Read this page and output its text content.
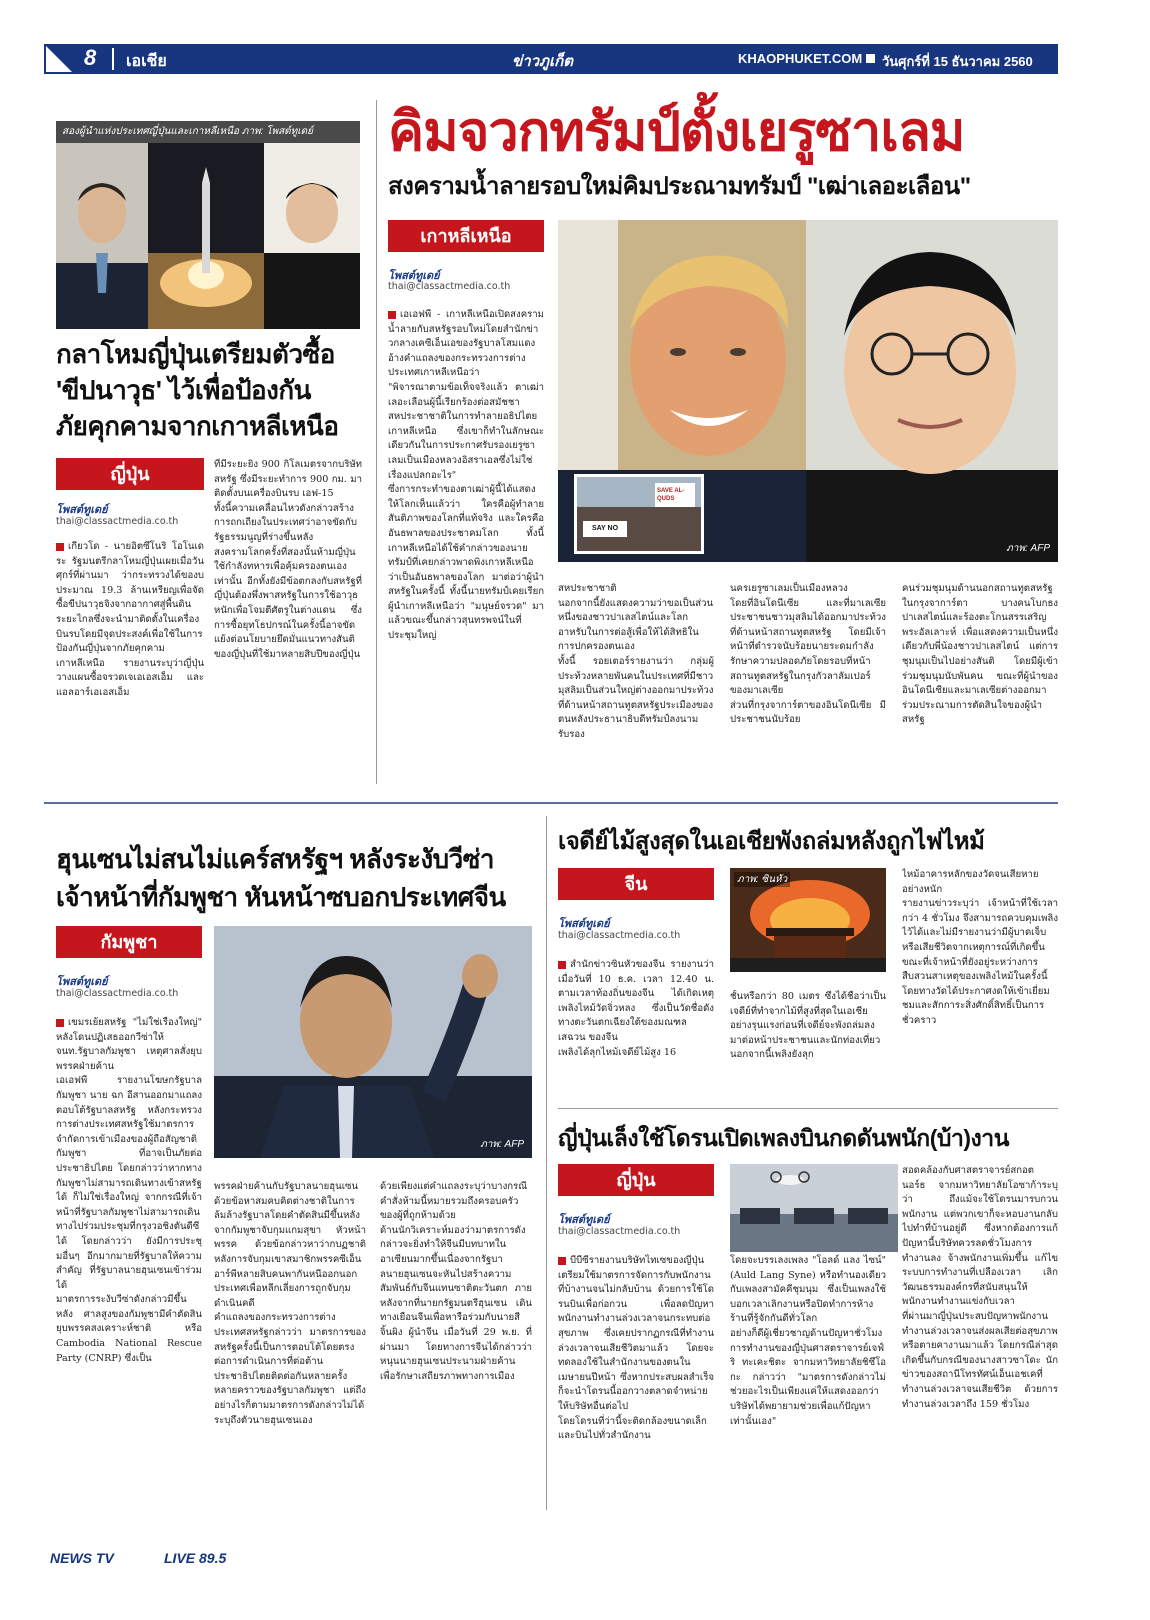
8 เอเชีย	ข่าวภูเก็ต	KHAOPHUKET.COM วันศุกร์ที่ 15 ธันวาคม 2560
สองผู้นำแห่งประเทศญี่ปุ่นและเกาหลีเหนือ ภาพ: โพสต์ทูเดย์
กลาโหมญี่ปุ่นเตรียมตัวซื้อ
'ขีปนาวุธ' ไว้เพื่อป้องกัน
ภัยคุกคามจากเกาหลีเหนือ
ญี่ปุ่น
โพสต์ทูเดย์
thai@classactmedia.co.th
เกียวโด - นายอิตซึโนริ โอโนเดระ รัฐมนตรีกลาโหมญี่ปุ่นเผยเมื่อวันศุกร์ที่ผ่านมา ว่ากระทรวงได้ของบประมาณ 19.3 ล้านเหรียญเพื่อจัดซื้อขีปนาวุธจิงจากอากาศสู่พื้นดินระยะไกลซึ่งจะนำมาติดตั้งในเครื่องบินรบโดยมีจุดประสงค์เพื่อใช้ในการป้องกันญี่ปุ่นจากภัยคุกคามเกาหลีเหนือ รายงานระบุว่าญี่ปุ่นวางแผนซื้อจรวดเจเอเอสเอ็ม และแอลอาร์เอเอสเอ็ม
ที่มีระยะยิง 900 กิโลเมตรจากบริษัทสหรัฐ ซึ่งมีระยะทำการ 900 กม. มาติดตั้งบนเครื่องบินรบ เอฟ-15
ทั้งนี้ความเคลื่อนไหวดังกล่าวสร้างการถกเถียงในประเทศว่าอาจขัดกับรัฐธรรมนูญที่ร่างขึ้นหลังสงครามโลกครั้งที่สองนั้นห้ามญี่ปุ่นใช้กำลังทหารเพื่อคุ้มครองตนเองเท่านั้น อีกทั้งยังมีข้อตกลงกับสหรัฐที่ญี่ปุ่นต้องพึ่งพาสหรัฐในการใช้อาวุธหนักเพื่อโจมตีศัตรูในต่างแดน ซึ่งการซื้อยุทโธปกรณ์ในครั้งนี้อาจขัดแย้งต่อนโยบายยึดมั่นแนวทางสันติของญี่ปุ่นที่ใช้มาหลายสิบปีของญี่ปุ่น
คิมจวกทรัมป์ตั้งเยรูซาเลม
สงครามน้ำลายรอบใหม่คิมประณามทรัมป์ "เฒ่าเลอะเลือน"
เกาหลีเหนือ
โพสต์ทูเดย์
thai@classactmedia.co.th
เอเอฟพี - เกาหลีเหนือเปิดสงครามน้ำลายกับสหรัฐรอบใหม่โดยสำนักข่าวกลางเคซีเอ็นเอของรัฐบาลโสมแดง อ้างคำแถลงของกระทรวงการต่างประเทศเกาหลีเหนือว่า
"พิจารณาตามข้อเท็จจริงแล้ว ตาเฒ่าเลอะเลือนผู้นี้เรียกร้องต่อสมัชชาสหประชาชาติในการทำลายอธิปไตยเกาหลีเหนือ ซึ่งเขาก็ทำในลักษณะเดียวกันในการประกาศรับรองเยรูซาเลมเป็นเมืองหลวงอิสราเอลซึ่งไม่ใช่เรื่องแปลกอะไร"
ซึ่งการกระทำของตาเฒ่าผู้นี้ได้แสดงให้โลกเห็นแล้วว่า ใครคือผู้ทำลายสันติภาพของโลกที่แท้จริง และใครคืออันธพาลของประชาคมโลก ทั้งนี้เกาหลีเหนือได้ใช้คำกล่าวของนายทรัมป์ที่เคยกล่าวพาดพิงเกาหลีเหนือว่าเป็นอันธพาลของโลก มาต่อว่าผู้นำสหรัฐในครั้งนี้ ทั้งนี้นายทรัมป์เคยเรียกผู้นำเกาหลีเหนือว่า "มนุษย์จรวด" มาแล้วขณะขึ้นกล่าวสุนทรพจน์ในที่ประชุมใหญ่
SAVE AL-QUDS
SAY NO
ภาพ: AFP
สหประชาชาติ
นอกจากนี้ยังแสดงความว่าขอเป็นส่วนหนึ่งของชาวปาเลสไตน์และโลกอาหรับในการต่อสู้เพื่อให้ได้สิทธิในการปกครองตนเอง
ทั้งนี้ รอยเตอร์รายงานว่า กลุ่มผู้ประท้วงหลายพันคนในประเทศที่มีชาวมุสลิมเป็นส่วนใหญ่ต่างออกมาประท้วงที่ด้านหน้าสถานทูตสหรัฐประเมืองของตนหลังประธานาธิบดีทรัมป์ลงนามรับรอง
นครเยรูซาเลมเป็นเมืองหลวง
โดยที่อินโดนีเซีย และที่มาเลเซียประชาชนชาวมุสลิมได้ออกมาประท้วงที่ด้านหน้าสถานทูตสหรัฐ โดยมีเจ้าหน้าที่ตำรวจนับร้อยนายระดมกำลังรักษาความปลอดภัยโดยรอบที่หน้าสถานทูตสหรัฐในกรุงกัวลาลัมเปอร์ของมาเลเซีย
ส่วนที่กรุงจาการ์ตาของอินโดนีเซีย มีประชาชนนับร้อย
คนร่วมชุมนุมด้านนอกสถานทูตสหรัฐในกรุงจาการ์ตา บางคนโบกธงปาเลสไตน์และร้องตะโกนสรรเสริญพระอัลเลาะห์ เพื่อแสดงความเป็นหนึ่งเดียวกับพี่น้องชาวปาเลสไตน์ แต่การชุมนุมเป็นไปอย่างสันติ โดยมีผู้เข้าร่วมชุมนุมนับพันคน ขณะที่ผู้นำของอินโดนีเซียและมาเลเซียต่างออกมาร่วมประณามการตัดสินใจของผู้นำสหรัฐ
ฮุนเซนไม่สนไม่แคร์สหรัฐฯ หลังระงับวีซ่า
เจ้าหน้าที่กัมพูชา หันหน้าซบอกประเทศจีน
กัมพูชา
โพสต์ทูเดย์
thai@classactmedia.co.th
เขมรเย้ยสหรัฐ "ไม่ใช่เรื่องใหญ่" หลังโดนปฏิเสธออกวีซ่าให้จนท.รัฐบาลกัมพูชา เหตุศาลสั่งยุบพรรคฝ่ายค้าน
เอเอฟพี รายงานโฆษกรัฐบาลกัมพูชา นาย ฉก อีสานออกมาแถลงตอบโต้รัฐบาลสหรัฐ หลังกระทรวงการต่างประเทศสหรัฐใช้มาตรการจำกัดการเข้าเมืองของผู้ถือสัญชาติกัมพูชา ที่อาจเป็นภัยต่อประชาธิปไตย โดยกล่าวว่าหากทางกัมพูชาไม่สามารถเดินทางเข้าสหรัฐได้ ก็ไม่ใช่เรื่องใหญ่ จากกรณีที่เจ้าหน้าที่รัฐบาลกัมพูชาไม่สามารถเดินทางไปร่วมประชุมที่กรุงวอชิงตันดีซี ได้ โดยกล่าวว่า ยังมีการประชุมอื่นๆ อีกมากมายที่รัฐบาลให้ความสำคัญ ที่รัฐบาลนายฮุนเซนเข้าร่วมได้
มาตรการระงับวีซ่าดังกล่าวมีขึ้นหลัง ศาลสูงของกัมพูชามีคำตัดสินยุบพรรคสงเคราะห์ชาติ หรือ Cambodia National Rescue Party (CNRP) ซึ่งเป็น
ภาพ: AFP
พรรคฝ่ายค้านกับรัฐบาลนายฮุนเซน ด้วยข้อหาสมคบคิดต่างชาติในการล้มล้างรัฐบาลโดยคำตัดสินมีขึ้นหลังจากกัมพูชาจับกุมแกมสุขา หัวหน้าพรรค ด้วยข้อกล่าวหาว่ากบฏชาติ หลังการจับกุมเขาสมาชิกพรรคซีเอ็นอาร์พีหลายสิบคนพากันหนีออกนอกประเทศเพื่อหลีกเลี่ยงการถูกจับกุมดำเนินคดี
คำแถลงของกระทรวงการต่างประเทศสหรัฐกล่าวว่า มาตรการของสหรัฐครั้งนี้เป็นการตอบโต้โดยตรงต่อการดำเนินการที่ต่อต้านประชาธิปไตยติดต่อกันหลายครั้งหลายคราวของรัฐบาลกัมพูชา แต่ถึงอย่างไรก็ตามมาตรการดังกล่าวไม่ได้ระบุถึงตัวนายฮุนเซนเอง
ด้วยเพียงแต่คำแถลงระบุว่าบางกรณีคำสั่งห้ามนี้หมายรวมถึงครอบครัวของผู้ที่ถูกห้ามด้วย
ด้านนักวิเคราะห์มองว่ามาตรการดังกล่าวจะยิ่งทำให้จีนมีบทบาทในอาเซียนมากขึ้นเนื่องจากรัฐบาลนายฮุนเซนจะหันไปสร้างความสัมพันธ์กับจีนแทนซาติตะวันตก ภายหลังจากที่นายกรัฐมนตรีฮุนเซน เดินทางเยือนจีนเพื่อหารือร่วมกับนายสีจิ้นผิง ผู้นำจีน เมื่อวันที่ 29 พ.ย. ที่ผ่านมา โดยทางการจีนได้กล่าวว่าหนุนนายฮุนเซนประนามฝ่ายค้าน เพื่อรักษาเสถียรภาพทางการเมือง
เจดีย์ไม้สูงสุดในเอเชียพังถล่มหลังถูกไฟไหม้
จีน
โพสต์ทูเดย์
thai@classactmedia.co.th
สำนักข่าวซินหัวของจีน รายงานว่า เมื่อวันที่ 10 ธ.ค. เวลา 12.40 น. ตามเวลาท้องถิ่นของจีน ได้เกิดเหตุเพลิงไหม้วัดจิ่วหลง ซึ่งเป็นวัดชื่อดังทางตะวันตกเฉียงใต้ของมณฑลเสฉวน ของจีน
เพลิงได้ลุกไหม้เจดีย์ไม้สูง 16
ภาพ: ซินหัว
ชั้นหรือกว่า 80 เมตร ซึ่งได้ชื่อว่าเป็นเจดีย์ที่ทำจากไม้ที่สูงที่สุดในเอเชีย อย่างรุนแรงก่อนที่เจดีย์จะพังถล่มลงมาต่อหน้าประชาชนและนักท่องเที่ยว นอกจากนี้เพลิงยังลุก
ไหม้อาคารหลักของวัดจนเสียหายอย่างหนัก
รายงานข่าวระบุว่า เจ้าหน้าที่ใช้เวลากว่า 4 ชั่วโมง จึงสามารถควบคุมเพลิงไว้ได้และไม่มีรายงานว่ามีผู้บาดเจ็บหรือเสียชีวิตจากเหตุการณ์ที่เกิดขึ้น
ขณะที่เจ้าหน้าที่ยังอยู่ระหว่างการสืบสวนสาเหตุของเพลิงไหม้ในครั้งนี้ โดยทางวัดได้ประกาศงดให้เข้าเยี่ยมชมและสักการะสิ่งศักดิ์สิทธิ์เป็นการชั่วคราว
ญี่ปุ่นเล็งใช้โดรนเปิดเพลงบินกดดันพนัก(บ้า)งาน
ญี่ปุ่น
โพสต์ทูเดย์
thai@classactmedia.co.th
บีบีซีรายงานบริษัทไทเซของญี่ปุ่น เตรียมใช้มาตรการจัดการกับพนักงานที่บ้างานจนไม่กลับบ้าน ด้วยการใช้โดรนบินเพื่อก่อกวน เพื่อลดปัญหาพนักงานทำงานล่วงเวลาจนกระทบต่อสุขภาพ ซึ่งเคยปรากฏกรณีที่ทำงานล่วงเวลาจนเสียชีวิตมาแล้ว โดยจะทดลองใช้ในสำนักงานของตนในเมษายนปีหน้า ซึ่งหากประสบผลสำเร็จก็จะนำโดรนนี้ออกวางตลาดจำหน่ายให้บริษัทอื่นต่อไป
โดยโดรนที่ว่านี้จะติดกล้องขนาดเล็กและบินไปทั่วสำนักงาน
โดยจะบรรเลงเพลง "โอลด์ แลง ไซน์" (Auld Lang Syne) หรือทำนองเดียวกับเพลงสามัคคีชุมนุม ซึ่งเป็นเพลงใช้บอกเวลาเลิกงานหรือปิดทำการห้างร้านที่รู้จักกันดีทั่วโลก
อย่างก็ดีผู้เชี่ยวชาญด้านปัญหาชั่วโมงการทำงานของญี่ปุ่นศาสตราจารย์เจฟ์ริ ทะเคะชิตะ จากมหาวิทยาลัยชิซึโอกะ กล่าวว่า "มาตรการดังกล่าวไม่ช่วยอะไรเป็นเพียงแค่ให้แสดงออกว่าบริษัทได้พยายามช่วยเพื่อแก้ปัญหาเท่านั้นเอง"
สอดคล้องกับศาสตราจารย์สกอต นอร์ธ จากมหาวิทยาลัยโอซาก้าระบุว่า ถึงแม้จะใช้โดรนมารบกวนพนักงาน แต่พวกเขาก็จะหอบงานกลับไปทำที่บ้านอยู่ดี ซึ่งหากต้องการแก้ปัญหานี้บริษัทควรลดชั่วโมงการทำงานลง จ้างพนักงานเพิ่มขึ้น แก้ไขระบบการทำงานที่เปลืองเวลา เลิกวัฒนธรรมองค์กรที่สนับสนุนให้พนักงานทำงานแข่งกับเวลา
ที่ผ่านมาญี่ปุ่นประสบปัญหาพนักงานทำงานล่วงเวลาจนส่งผลเสียต่อสุขภาพหรือตายคางานมาแล้ว โดยกรณีล่าสุดเกิดขึ้นกับกรณีของนางสาวซาโดะ นักข่าวของสถานีโทรทัศน์เอ็นเอชเคที่ทำงานล่วงเวลาจนเสียชีวิต ด้วยการทำงานล่วงเวลาถึง 159 ชั่วโมง
NEWS TV	LIVE 89.5
